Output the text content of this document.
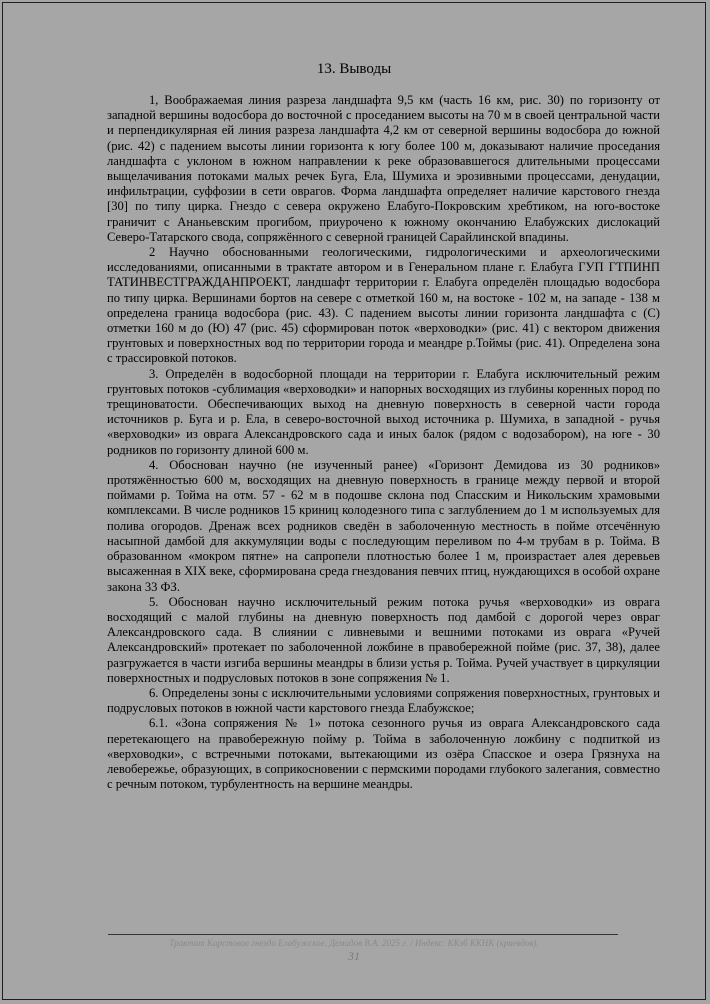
13. Выводы

1, Воображаемая линия разреза ландшафта 9,5 км (часть 16 км, рис. 30) по горизонту от западной вершины водосбора до восточной с проседанием высоты на 70 м в своей центральной части и перпендикулярная ей линия разреза ландшафта 4,2 км от северной вершины водосбора до южной (рис. 42) с падением высоты линии горизонта к югу более 100 м, доказывают наличие проседания ландшафта с уклоном в южном направлении к реке образовавшегося длительными процессами выщелачивания потоками малых речек Буга, Ела, Шумиха и эрозивными процессами, денудации, инфильтрации, суффозии в сети оврагов. Форма ландшафта определяет наличие карстового гнезда [30] по типу цирка. Гнездо с севера окружено Елабуго-Покровским хребтиком, на юго-востоке граничит с Ананьевским прогибом, приурочено к южному окончанию Елабужских дислокаций Северо-Татарского свода, сопряжённого с северной границей Сарайлинской впадины.

2 Научно обоснованными геологическими, гидрологическими и археологическими исследованиями, описанными в трактате автором и в Генеральном плане г. Елабуга ГУП ГТПИНП ТАТИНВЕСТГРАЖДАНПРОЕКТ, ландшафт территории г. Елабуга определён площадью водосбора по типу цирка. Вершинами бортов на севере с отметкой 160 м, на востоке - 102 м, на западе - 138 м определена граница водосбора (рис. 43). С падением высоты линии горизонта ландшафта с (С) отметки 160 м до (Ю) 47 (рис. 45) сформирован поток «верховодки» (рис. 41) с вектором движения грунтовых и поверхностных вод по территории города и меандре р.Тоймы (рис. 41). Определена зона с трассировкой потоков.

3. Определён в водосборной площади на территории г. Елабуга исключительный режим грунтовых потоков -сублимация «верховодки» и напорных восходящих из глубины коренных пород по трещиноватости. Обеспечивающих выход на дневную поверхность в северной части города источников р. Буга и р. Ела, в северо-восточной выход источника р. Шумиха, в западной - ручья «верховодки» из оврага Александровского сада и иных балок (рядом с водозабором), на юге - 30 родников по горизонту длиной 600 м.

4. Обоснован научно (не изученный ранее) «Горизонт Демидова из 30 родников» протяжённостью 600 м, восходящих на дневную поверхность в границе между первой и второй поймами р. Тойма на отм. 57 - 62 м в подошве склона под Спасским и Никольским храмовыми комплексами. В числе родников 15 криниц колодезного типа с заглублением до 1 м используемых для полива огородов. Дренаж всех родников сведён в заболоченную местность в пойме отсечённую насыпной дамбой для аккумуляции воды с последующим переливом по 4-м трубам в р. Тойма. В образованном «мокром пятне» на сапропели плотностью более 1 м, произрастает алея деревьев высаженная в XIX веке, сформирована среда гнездования певчих птиц, нуждающихся в особой охране закона 33 ФЗ.

5. Обоснован научно исключительный режим потока ручья «верховодки» из оврага восходящий с малой глубины на дневную поверхность под дамбой с дорогой через овраг Александровского сада. В слиянии с ливневыми и вешними потоками из оврага «Ручей Александровский» протекает по заболоченной ложбине в правобережной пойме (рис. 37, 38), далее разгружается в части изгиба вершины меандры в близи устья р. Тойма. Ручей участвует в циркуляции поверхностных и подрусловых потоков в зоне сопряжения № 1.

6. Определены зоны с исключительными условиями сопряжения поверхностных, грунтовых и подрусловых потоков в южной части карстового гнезда Елабужское;

6.1. «Зона сопряжения № 1» потока сезонного ручья из оврага Александровского сада перетекающего на правобережную пойму р. Тойма в заболоченную ложбину с подпиткой из «верховодки», с встречными потоками, вытекающими из озёра Спасское и озера Грязнуха на левобережье, образующих, в соприкосновении с пермскими породами глубокого залегания, совместно с речным потоком, турбулентность на вершине меандры.

Трактат Карстовое гнездо Елабужское. Демидов В.А. 2025 г. / Индекс: ККзб ККНК (криевдов).
31
